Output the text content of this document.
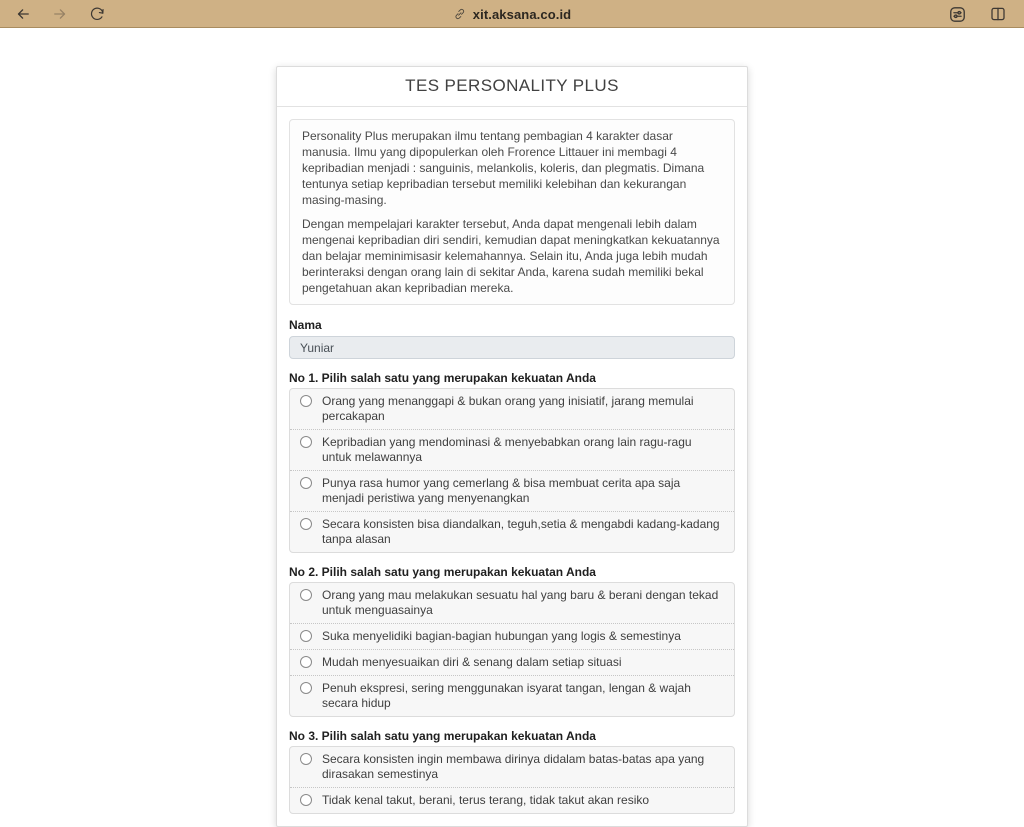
xit.aksana.co.id
TES PERSONALITY PLUS

Personality Plus merupakan ilmu tentang pembagian 4 karakter dasar manusia. Ilmu yang dipopulerkan oleh Frorence Littauer ini membagi 4 kepribadian menjadi : sanguinis, melankolis, koleris, dan plegmatis. Dimana tentunya setiap kepribadian tersebut memiliki kelebihan dan kekurangan masing-masing.

Dengan mempelajari karakter tersebut, Anda dapat mengenali lebih dalam mengenai kepribadian diri sendiri, kemudian dapat meningkatkan kekuatannya dan belajar meminimisasir kelemahannya. Selain itu, Anda juga lebih mudah berinteraksi dengan orang lain di sekitar Anda, karena sudah memiliki bekal pengetahuan akan kepribadian mereka.

Nama
Yuniar
No 1. Pilih salah satu yang merupakan kekuatan Anda
Orang yang menanggapi & bukan orang yang inisiatif, jarang memulai percakapan
Kepribadian yang mendominasi & menyebabkan orang lain ragu-ragu untuk melawannya
Punya rasa humor yang cemerlang & bisa membuat cerita apa saja menjadi peristiwa yang menyenangkan
Secara konsisten bisa diandalkan, teguh,setia & mengabdi kadang-kadang tanpa alasan
No 2. Pilih salah satu yang merupakan kekuatan Anda
Orang yang mau melakukan sesuatu hal yang baru & berani dengan tekad untuk menguasainya
Suka menyelidiki bagian-bagian hubungan yang logis & semestinya
Mudah menyesuaikan diri & senang dalam setiap situasi
Penuh ekspresi, sering menggunakan isyarat tangan, lengan & wajah secara hidup
No 3. Pilih salah satu yang merupakan kekuatan Anda
Secara konsisten ingin membawa dirinya didalam batas-batas apa yang dirasakan semestinya
Tidak kenal takut, berani, terus terang, tidak takut akan resiko
